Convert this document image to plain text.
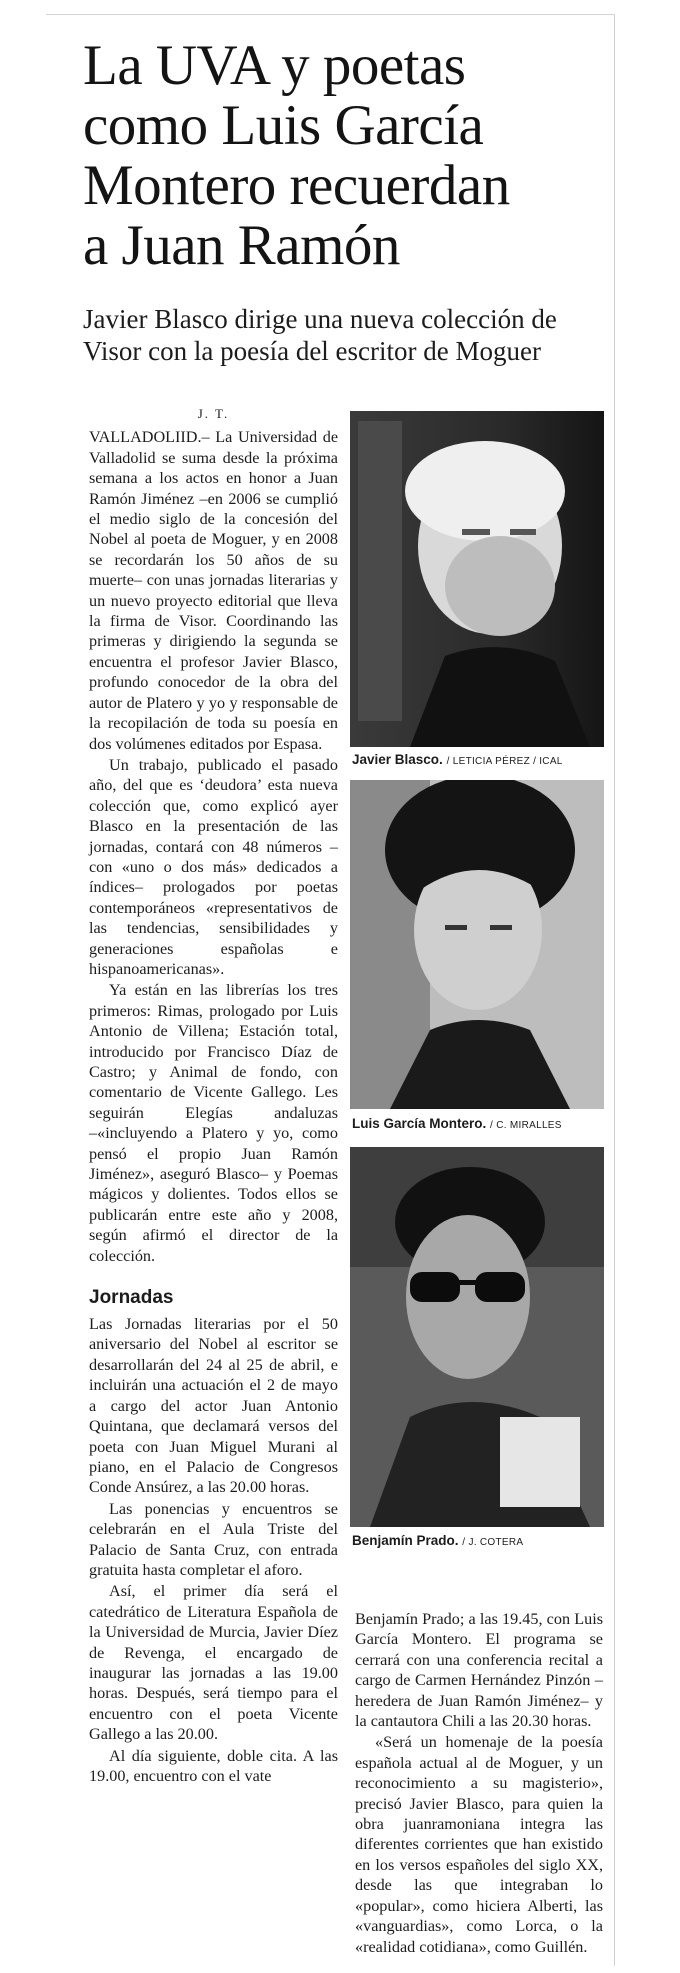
La UVA y poetas
como Luis García
Montero recuerdan
a Juan Ramón
Javier Blasco dirige una nueva colección de
Visor con la poesía del escritor de Moguer

J. T.

VALLADOLIID.– La Universidad de Valladolid se suma desde la próxima semana a los actos en honor a Juan Ramón Jiménez –en 2006 se cumplió el medio siglo de la concesión del Nobel al poeta de Moguer, y en 2008 se recordarán los 50 años de su muerte– con unas jornadas literarias y un nuevo proyecto editorial que lleva la firma de Visor. Coordinando las primeras y dirigiendo la segunda se encuentra el profesor Javier Blasco, profundo conocedor de la obra del autor de Platero y yo y responsable de la recopilación de toda su poesía en dos volúmenes editados por Espasa.

Un trabajo, publicado el pasado año, del que es ‘deudora’ esta nueva colección que, como explicó ayer Blasco en la presentación de las jornadas, contará con 48 números –con «uno o dos más» dedicados a índices– prologados por poetas contemporáneos «representativos de las tendencias, sensibilidades y generaciones españolas e hispanoamericanas».

Ya están en las librerías los tres primeros: Rimas, prologado por Luis Antonio de Villena; Estación total, introducido por Francisco Díaz de Castro; y Animal de fondo, con comentario de Vicente Gallego. Les seguirán Elegías andaluzas –«incluyendo a Platero y yo, como pensó el propio Juan Ramón Jiménez», aseguró Blasco– y Poemas mágicos y dolientes. Todos ellos se publicarán entre este año y 2008, según afirmó el director de la colección.

Jornadas

Las Jornadas literarias por el 50 aniversario del Nobel al escritor se desarrollarán del 24 al 25 de abril, e incluirán una actuación el 2 de mayo a cargo del actor Juan Antonio Quintana, que declamará versos del poeta con Juan Miguel Murani al piano, en el Palacio de Congresos Conde Ansúrez, a las 20.00 horas.

Las ponencias y encuentros se celebrarán en el Aula Triste del Palacio de Santa Cruz, con entrada gratuita hasta completar el aforo.

Así, el primer día será el catedrático de Literatura Española de la Universidad de Murcia, Javier Díez de Revenga, el encargado de inaugurar las jornadas a las 19.00 horas. Después, será tiempo para el encuentro con el poeta Vicente Gallego a las 20.00.

Al día siguiente, doble cita. A las 19.00, encuentro con el vate

Javier Blasco. / LETICIA PÉREZ / ICAL
Luis García Montero. / C. MIRALLES
Benjamín Prado. / J. COTERA

Benjamín Prado; a las 19.45, con Luis García Montero. El programa se cerrará con una conferencia recital a cargo de Carmen Hernández Pinzón –heredera de Juan Ramón Jiménez– y la cantautora Chili a las 20.30 horas.

«Será un homenaje de la poesía española actual al de Moguer, y un reconocimiento a su magisterio», precisó Javier Blasco, para quien la obra juanramoniana integra las diferentes corrientes que han existido en los versos españoles del siglo XX, desde las que integraban lo «popular», como hiciera Alberti, las «vanguardias», como Lorca, o la «realidad cotidiana», como Guillén.
